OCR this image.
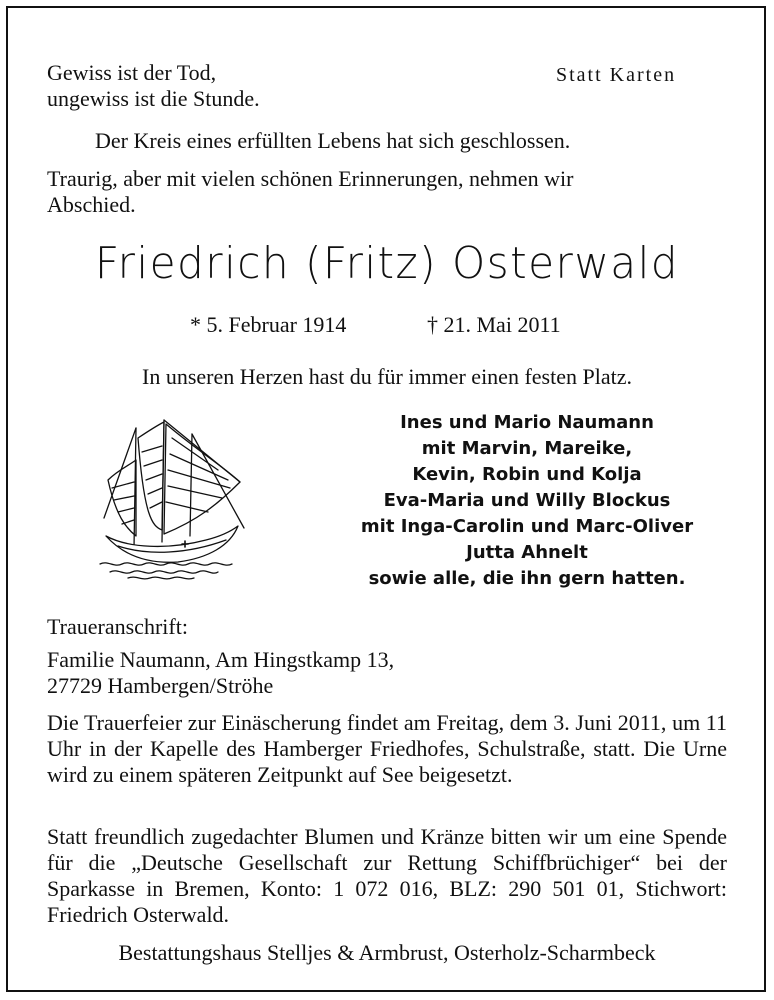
Gewiss ist der Tod,

ungewiss ist die Stunde.

Statt Karten

Der Kreis eines erfüllten Lebens hat sich geschlossen.

Traurig, aber mit vielen schönen Erinnerungen, nehmen wir

Abschied.

Friedrich (Fritz) Osterwald

* 5. Februar 1914	† 21. Mai 2011

In unseren Herzen hast du für immer einen festen Platz.

Ines und Mario Naumann

mit Marvin, Mareike,

Kevin, Robin und Kolja

Eva-Maria und Willy Blockus

mit Inga-Carolin und Marc-Oliver

Jutta Ahnelt

sowie alle, die ihn gern hatten.

Traueranschrift:

Familie Naumann, Am Hingstkamp 13,

27729 Hambergen/Ströhe

Die Trauerfeier zur Einäscherung findet am Freitag, dem 3. Juni 2011, um 11 Uhr in der Kapelle des Hamberger Friedhofes, Schulstraße, statt. Die Urne wird zu einem späteren Zeitpunkt auf See beigesetzt.

Statt freundlich zugedachter Blumen und Kränze bitten wir um eine Spende für die „Deutsche Gesellschaft zur Rettung Schiffbrüchiger“ bei der Sparkasse in Bremen, Konto: 1 072 016, BLZ: 290 501 01, Stichwort: Friedrich Osterwald.

Bestattungshaus Stelljes & Armbrust, Osterholz-Scharmbeck
